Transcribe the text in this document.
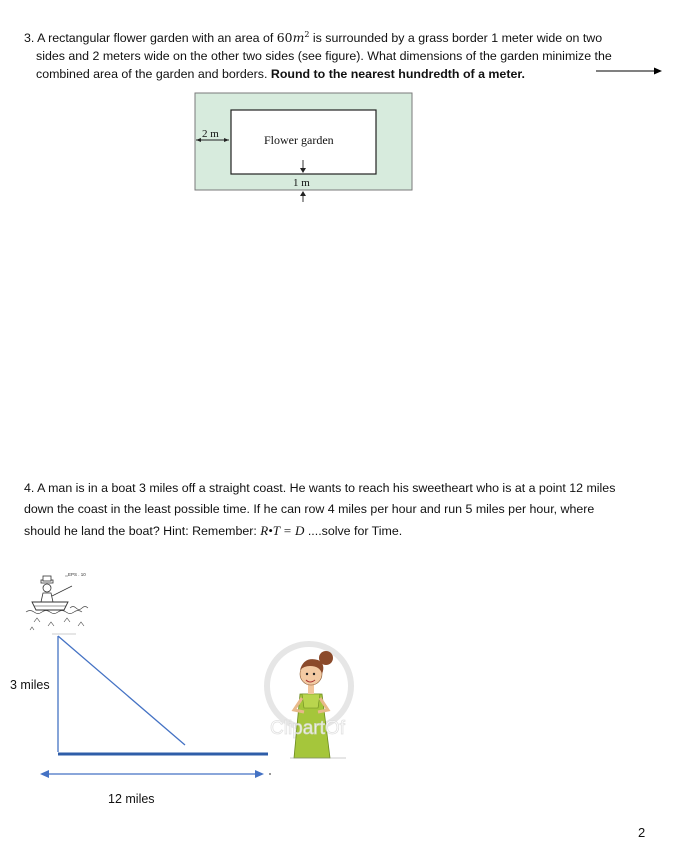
3. A rectangular flower garden with an area of $60m^2$ is surrounded by a grass border 1 meter wide on two
sides and 2 meters wide on the other two sides (see figure). What dimensions of the garden minimize the
combined area of the garden and borders. Round to the nearest hundredth of a meter.
2 m	Flower garden
1 m
4. A man is in a boat 3 miles off a straight coast. He wants to reach his sweetheart who is at a point 12 miles
down the coast in the least possible time. If he can row 4 miles per hour and run 5 miles per hour, where
should he land the boat? Hint: Remember: R•T = D ....solve for Time.
EPS . 10
3 miles
12 miles
ClipartOf
2
